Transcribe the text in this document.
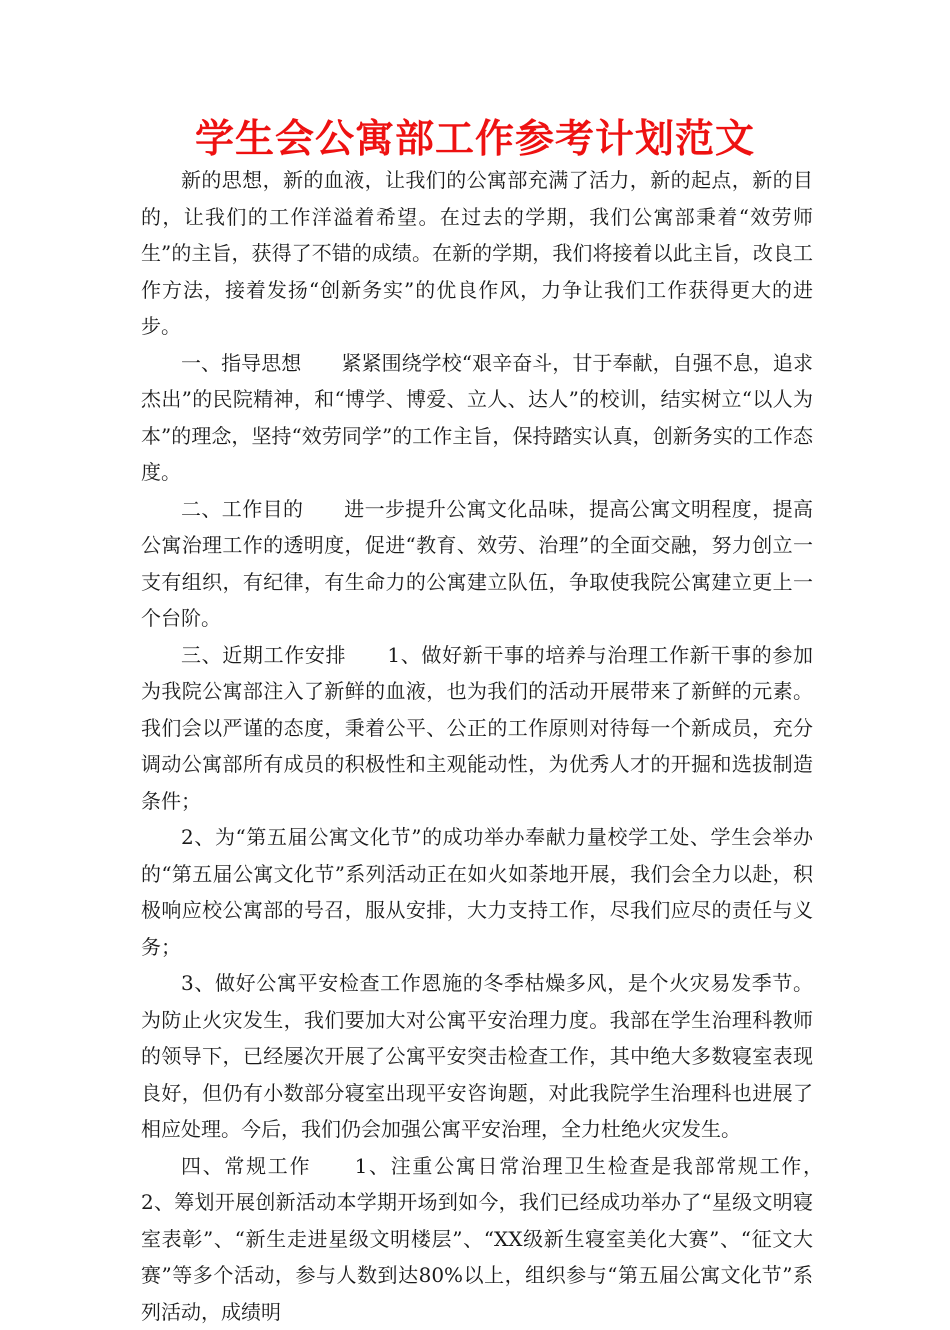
学生会公寓部工作参考计划范文

新的思想，新的血液，让我们的公寓部充满了活力，新的起点，新的目的，让我们的工作洋溢着希望。在过去的学期，我们公寓部秉着“效劳师生”的主旨，获得了不错的成绩。在新的学期，我们将接着以此主旨，改良工作方法，接着发扬“创新务实”的优良作风，力争让我们工作获得更大的进步。

一、指导思想　　紧紧围绕学校“艰辛奋斗，甘于奉献，自强不息，追求杰出”的民院精神，和“博学、博爱、立人、达人”的校训，结实树立“以人为本”的理念，坚持“效劳同学”的工作主旨，保持踏实认真，创新务实的工作态度。

二、工作目的　　进一步提升公寓文化品味，提高公寓文明程度，提高公寓治理工作的透明度，促进“教育、效劳、治理”的全面交融，努力创立一支有组织，有纪律，有生命力的公寓建立队伍，争取使我院公寓建立更上一个台阶。

三、近期工作安排　　1、做好新干事的培养与治理工作新干事的参加为我院公寓部注入了新鲜的血液，也为我们的活动开展带来了新鲜的元素。我们会以严谨的态度，秉着公平、公正的工作原则对待每一个新成员，充分调动公寓部所有成员的积极性和主观能动性，为优秀人才的开掘和选拔制造条件；

2、为“第五届公寓文化节”的成功举办奉献力量校学工处、学生会举办的“第五届公寓文化节”系列活动正在如火如荼地开展，我们会全力以赴，积极响应校公寓部的号召，服从安排，大力支持工作，尽我们应尽的责任与义务；

3、做好公寓平安检查工作恩施的冬季枯燥多风，是个火灾易发季节。为防止火灾发生，我们要加大对公寓平安治理力度。我部在学生治理科教师的领导下，已经屡次开展了公寓平安突击检查工作，其中绝大多数寝室表现良好，但仍有小数部分寝室出现平安咨询题，对此我院学生治理科也进展了相应处理。今后，我们仍会加强公寓平安治理，全力杜绝火灾发生。

四、常规工作　　1、注重公寓日常治理卫生检查是我部常规工作，　　2、筹划开展创新活动本学期开场到如今，我们已经成功举办了“星级文明寝室表彰”、“新生走进星级文明楼层”、“XX级新生寝室美化大赛”、“征文大赛”等多个活动，参与人数到达80%以上，组织参与“第五届公寓文化节”系列活动，成绩明
